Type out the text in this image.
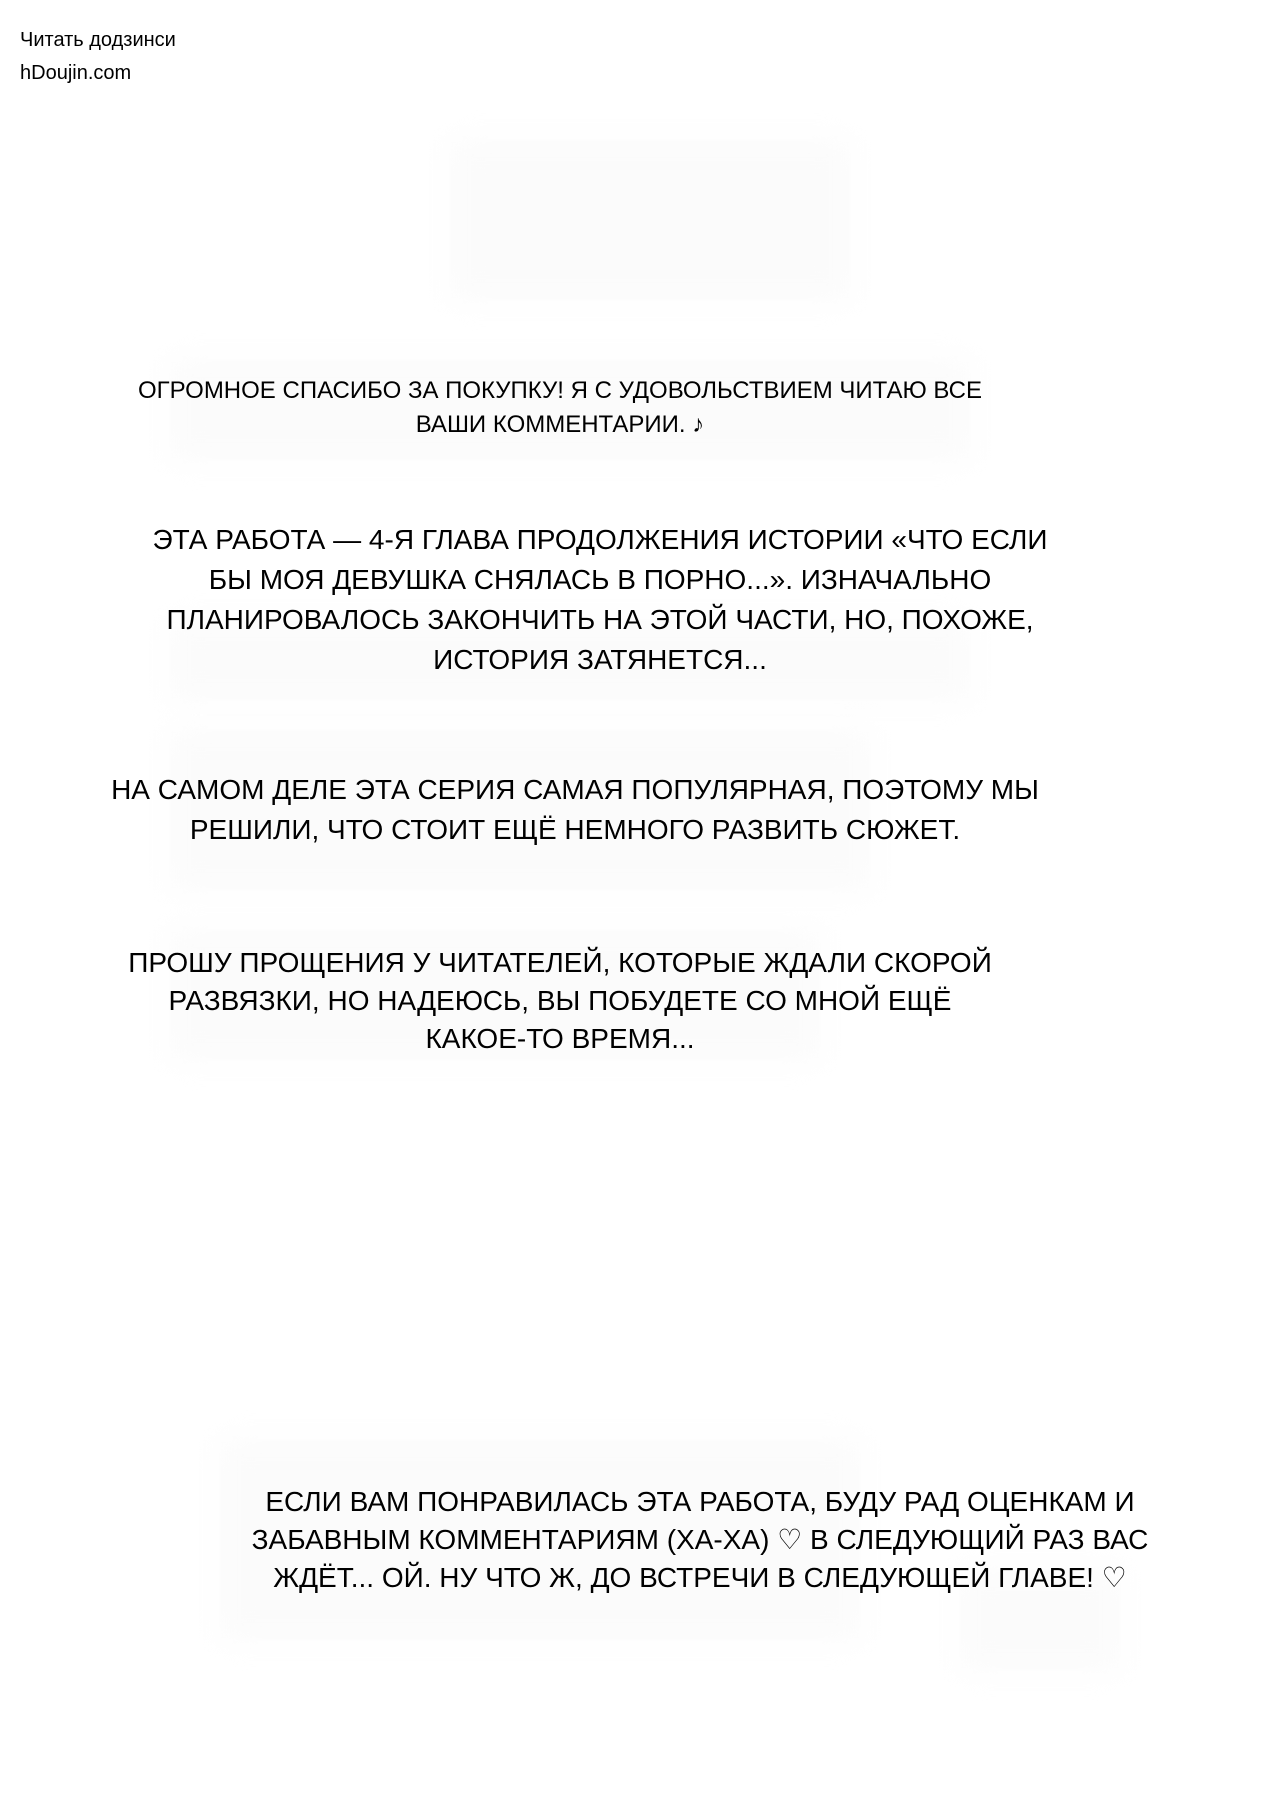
Читать додзинси
hDoujin.com
ОГРОМНОЕ СПАСИБО ЗА ПОКУПКУ! Я С УДОВОЛЬСТВИЕМ ЧИТАЮ ВСЕ
ВАШИ КОММЕНТАРИИ. ♪
ЭТА РАБОТА — 4-Я ГЛАВА ПРОДОЛЖЕНИЯ ИСТОРИИ «ЧТО ЕСЛИ
БЫ МОЯ ДЕВУШКА СНЯЛАСЬ В ПОРНО...». ИЗНАЧАЛЬНО
ПЛАНИРОВАЛОСЬ ЗАКОНЧИТЬ НА ЭТОЙ ЧАСТИ, НО, ПОХОЖЕ,
ИСТОРИЯ ЗАТЯНЕТСЯ...
НА САМОМ ДЕЛЕ ЭТА СЕРИЯ САМАЯ ПОПУЛЯРНАЯ, ПОЭТОМУ МЫ
РЕШИЛИ, ЧТО СТОИТ ЕЩЁ НЕМНОГО РАЗВИТЬ СЮЖЕТ.
ПРОШУ ПРОЩЕНИЯ У ЧИТАТЕЛЕЙ, КОТОРЫЕ ЖДАЛИ СКОРОЙ
РАЗВЯЗКИ, НО НАДЕЮСЬ, ВЫ ПОБУДЕТЕ СО МНОЙ ЕЩЁ
КАКОЕ-ТО ВРЕМЯ...
ЕСЛИ ВАМ ПОНРАВИЛАСЬ ЭТА РАБОТА, БУДУ РАД ОЦЕНКАМ И
ЗАБАВНЫМ КОММЕНТАРИЯМ (ХА-ХА) ♡ В СЛЕДУЮЩИЙ РАЗ ВАС
ЖДЁТ... ОЙ. НУ ЧТО Ж, ДО ВСТРЕЧИ В СЛЕДУЮЩЕЙ ГЛАВЕ! ♡
